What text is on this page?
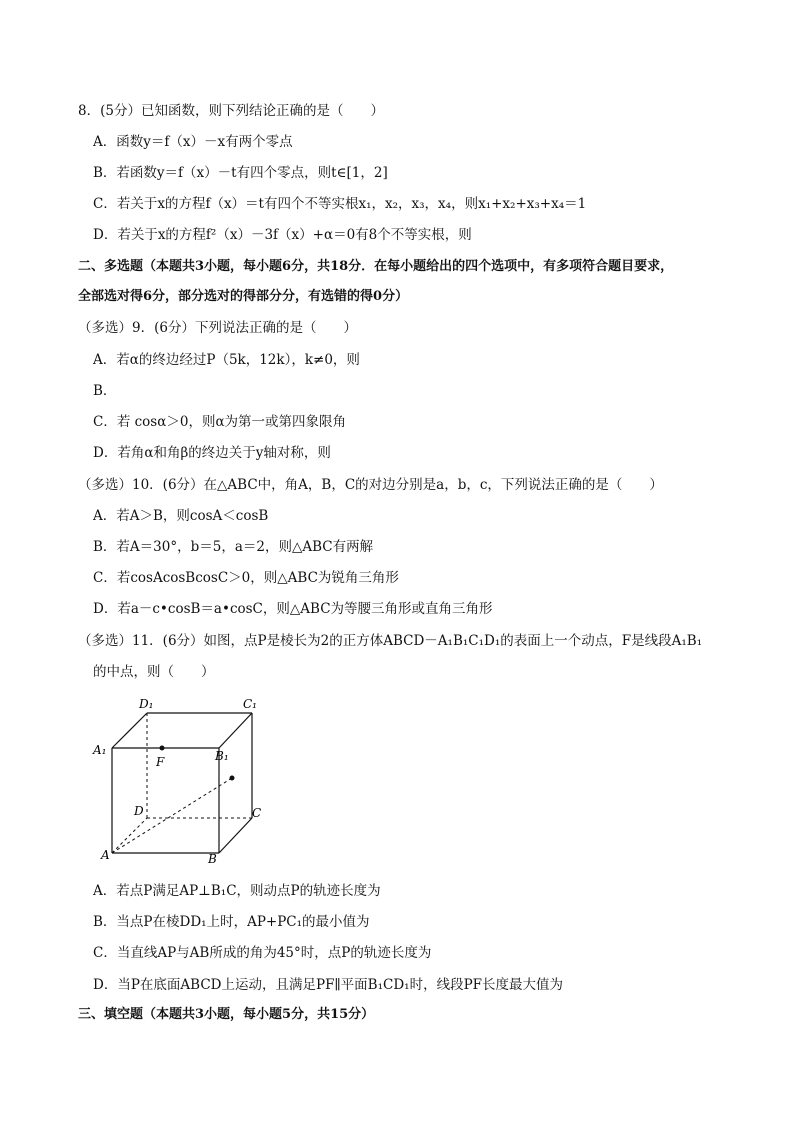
8．(5分）已知函数，则下列结论正确的是（　　）
A．函数y＝f（x）－x有两个零点
B．若函数y＝f（x）－t有四个零点，则t∈[1，2]
C．若关于x的方程f（x）＝t有四个不等实根x₁，x₂，x₃，x₄，则x₁+x₂+x₃+x₄＝1
D．若关于x的方程f²（x）－3f（x）+α＝0有8个不等实根，则
二、多选题（本题共3小题，每小题6分，共18分．在每小题给出的四个选项中，有多项符合题目要求，
全部选对得6分，部分选对的得部分分，有选错的得0分）
（多选）9．(6分）下列说法正确的是（　　）
A．若α的终边经过P（5k，12k），k≠0，则
B．
C．若 cosα＞0，则α为第一或第四象限角
D．若角α和角β的终边关于y轴对称，则
（多选）10．(6分）在△ABC中，角A，B，C的对边分别是a，b，c，下列说法正确的是（　　）
A．若A＞B，则cosA＜cosB
B．若A＝30°，b＝5，a＝2，则△ABC有两解
C．若cosAcosBcosC＞0，则△ABC为锐角三角形
D．若a－c•cosB＝a•cosC，则△ABC为等腰三角形或直角三角形
（多选）11．(6分）如图，点P是棱长为2的正方体ABCD－A₁B₁C₁D₁的表面上一个动点，F是线段A₁B₁
的中点，则（　　）
D₁	C₁
A₁	B₁
F
D	C
A	B
A．若点P满足AP⊥B₁C，则动点P的轨迹长度为
B．当点P在棱DD₁上时，AP+PC₁的最小值为
C．当直线AP与AB所成的角为45°时，点P的轨迹长度为
D．当P在底面ABCD上运动，且满足PF∥平面B₁CD₁时，线段PF长度最大值为
三、填空题（本题共3小题，每小题5分，共15分）
